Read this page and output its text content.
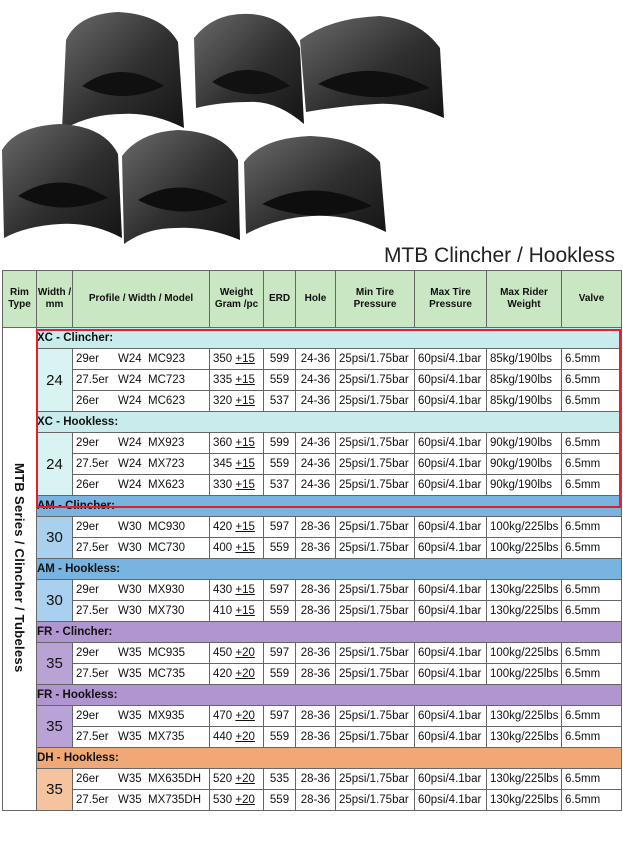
MTB Clincher / Hookless
Rim Type	Width / mm	Profile / Width / Model	Weight Gram /pc	ERD	Hole	Min Tire Pressure	Max Tire Pressure	Max Rider Weight	Valve
MTB Series / Clincher / Tubeless	XC - Clincher:								
	24	29er W24 MC923	350 +15	599	24-36	25psi/1.75bar	60psi/4.1bar	85kg/190lbs	6.5mm
		27.5er W24 MC723	335 +15	559	24-36	25psi/1.75bar	60psi/4.1bar	85kg/190lbs	6.5mm
		26er W24 MC623	320 +15	537	24-36	25psi/1.75bar	60psi/4.1bar	85kg/190lbs	6.5mm
	XC - Hookless:								
	24	29er W24 MX923	360 +15	599	24-36	25psi/1.75bar	60psi/4.1bar	90kg/190lbs	6.5mm
		27.5er W24 MX723	345 +15	559	24-36	25psi/1.75bar	60psi/4.1bar	90kg/190lbs	6.5mm
		26er W24 MX623	330 +15	537	24-36	25psi/1.75bar	60psi/4.1bar	90kg/190lbs	6.5mm
	AM - Clincher:								
	30	29er W30 MC930	420 +15	597	28-36	25psi/1.75bar	60psi/4.1bar	100kg/225lbs	6.5mm
		27.5er W30 MC730	400 +15	559	28-36	25psi/1.75bar	60psi/4.1bar	100kg/225lbs	6.5mm
	AM - Hookless:								
	30	29er W30 MX930	430 +15	597	28-36	25psi/1.75bar	60psi/4.1bar	130kg/225lbs	6.5mm
		27.5er W30 MX730	410 +15	559	28-36	25psi/1.75bar	60psi/4.1bar	130kg/225lbs	6.5mm
	FR - Clincher:								
	35	29er W35 MC935	450 +20	597	28-36	25psi/1.75bar	60psi/4.1bar	100kg/225lbs	6.5mm
		27.5er W35 MC735	420 +20	559	28-36	25psi/1.75bar	60psi/4.1bar	100kg/225lbs	6.5mm
	FR - Hookless:								
	35	29er W35 MX935	470 +20	597	28-36	25psi/1.75bar	60psi/4.1bar	130kg/225lbs	6.5mm
		27.5er W35 MX735	440 +20	559	28-36	25psi/1.75bar	60psi/4.1bar	130kg/225lbs	6.5mm
	DH - Hookless:								
	35	26er W35 MX635DH	520 +20	535	28-36	25psi/1.75bar	60psi/4.1bar	130kg/225lbs	6.5mm
		27.5er W35 MX735DH	530 +20	559	28-36	25psi/1.75bar	60psi/4.1bar	130kg/225lbs	6.5mm
